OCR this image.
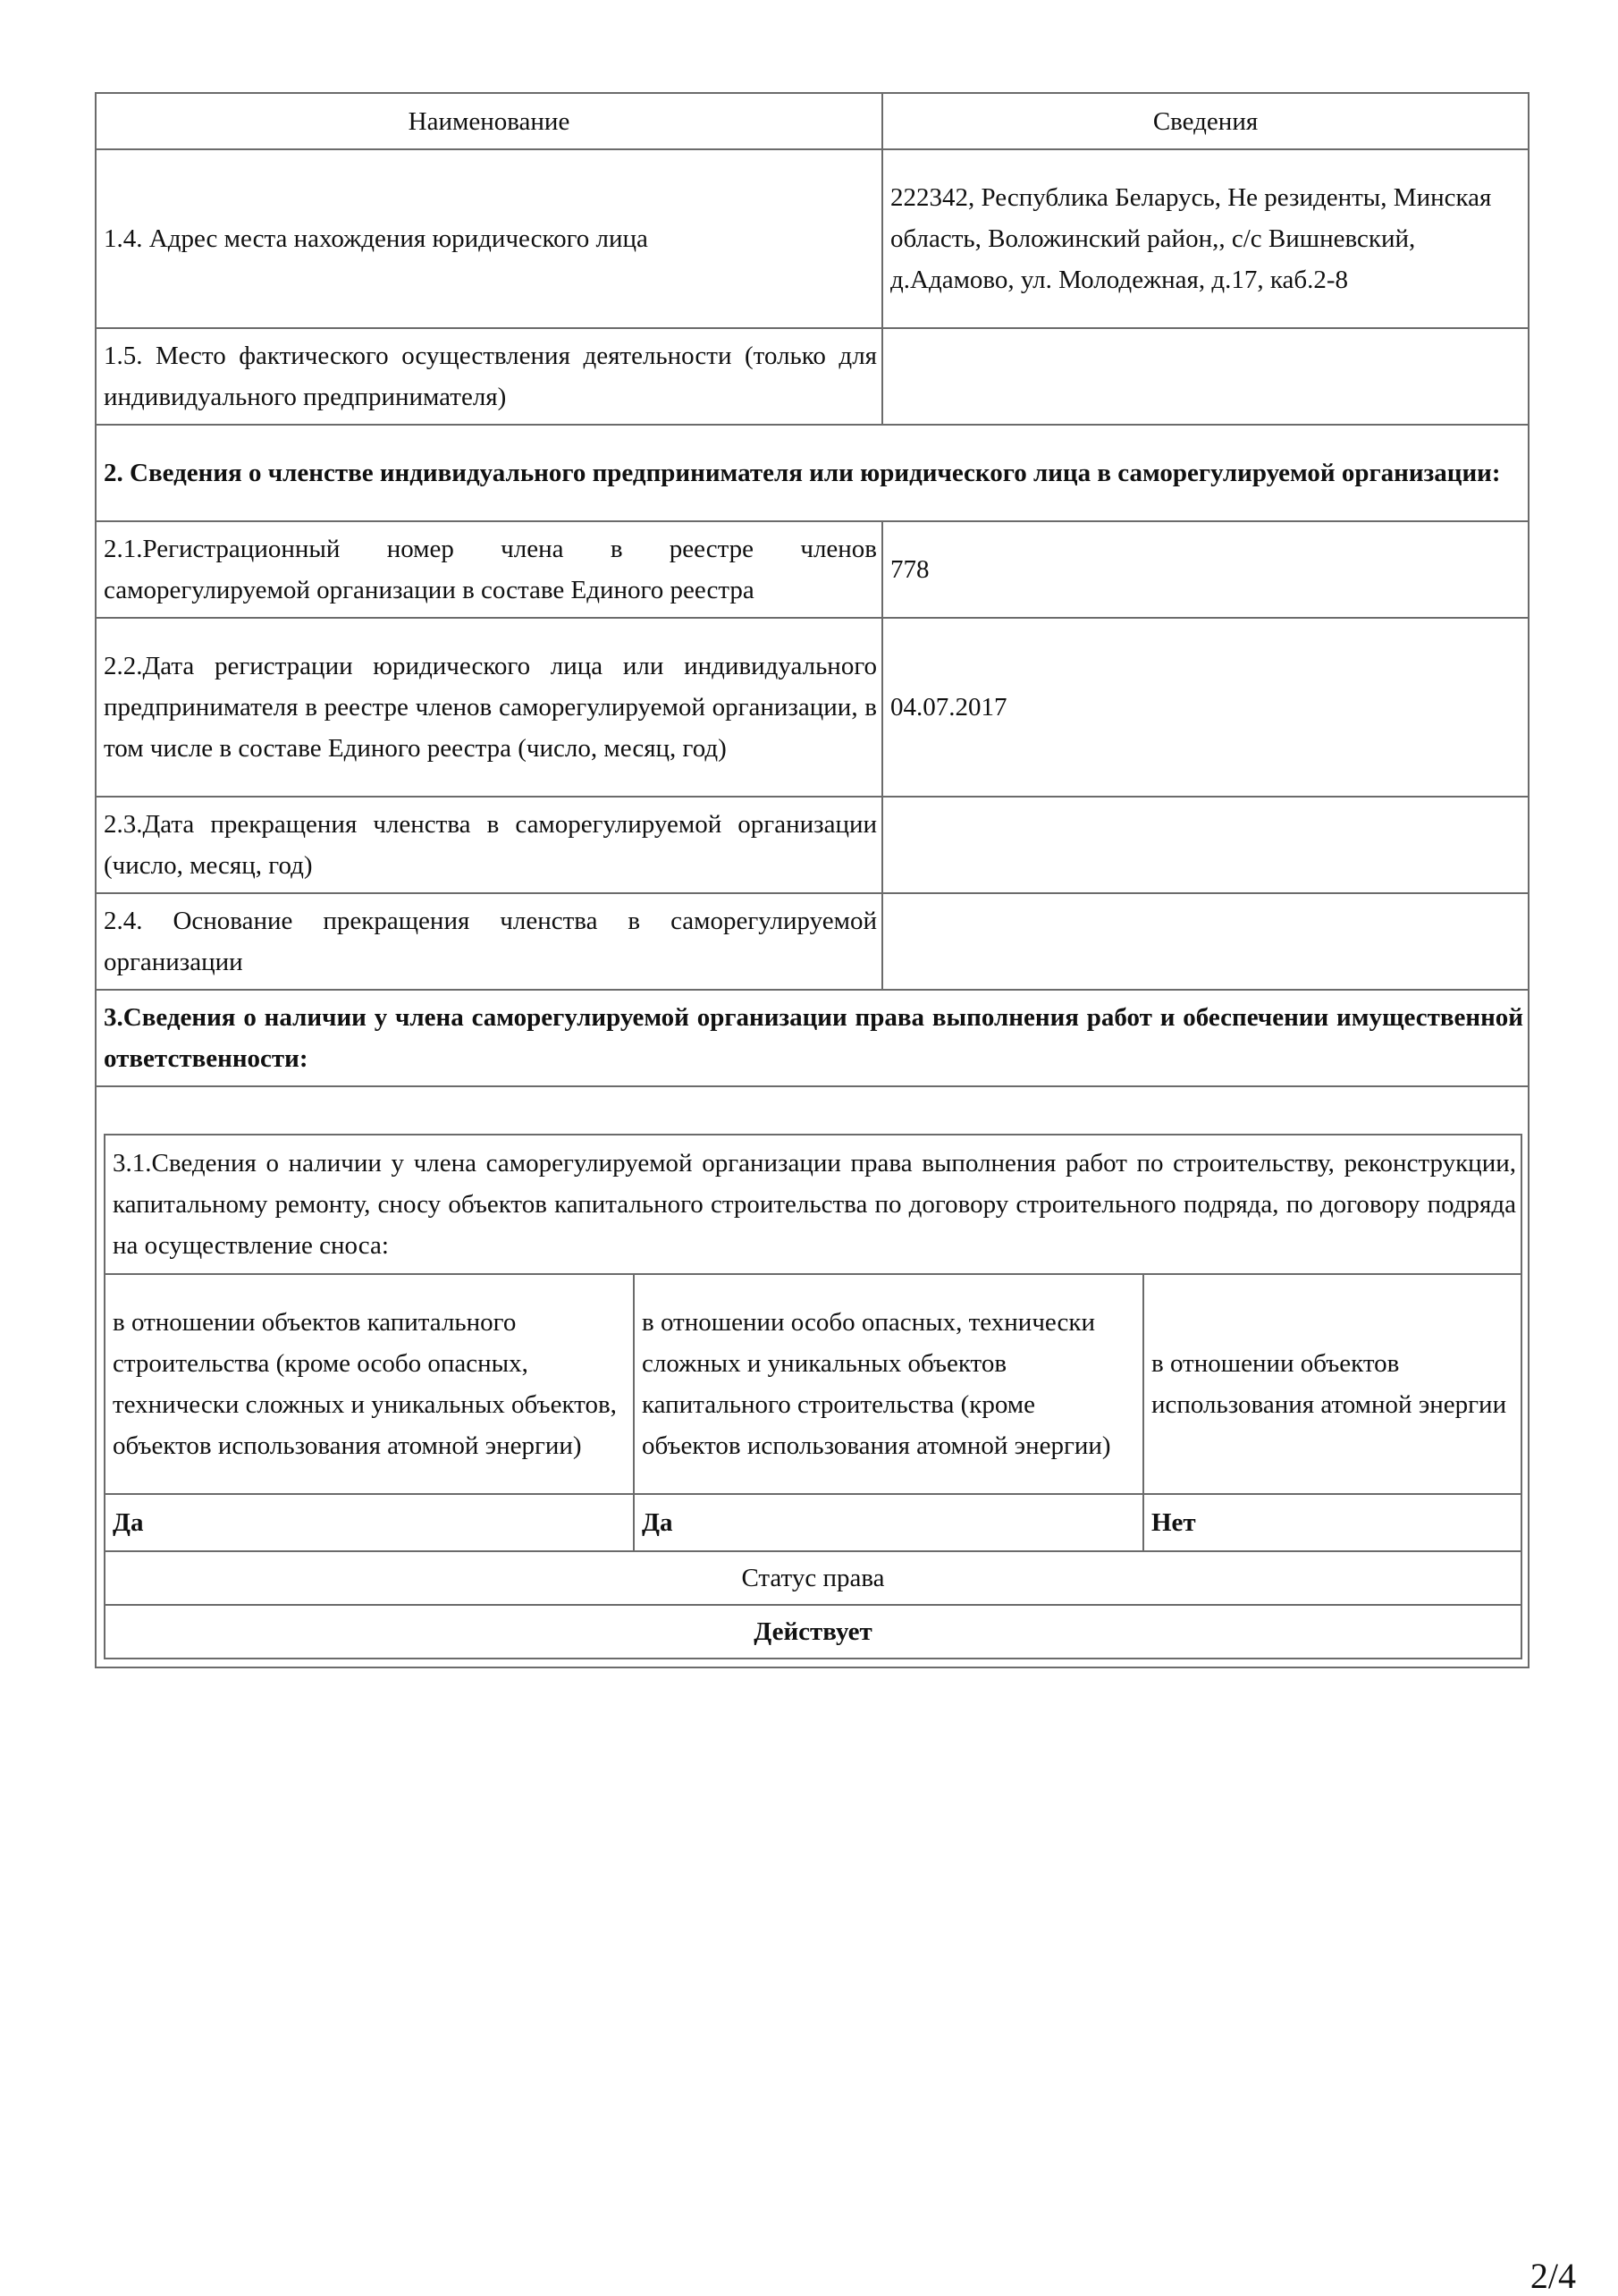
Наименование	Сведения
1.4. Адрес места нахождения юридического лица	222342, Республика Беларусь, Не резиденты, Минская область, Воложинский район,, с/с Вишневский, д.Адамово, ул. Молодежная, д.17, каб.2-8
1.5. Место фактического осуществления деятельности (только для индивидуального предпринимателя)	
2. Сведения о членстве индивидуального предпринимателя или юридического лица в саморегулируемой организации:
2.1.Регистрационный номер члена в реестре членов саморегулируемой организации в составе Единого реестра	778
2.2.Дата регистрации юридического лица или индивидуального предпринимателя в реестре членов саморегулируемой организации, в том числе в составе Единого реестра (число, месяц, год)	04.07.2017
2.3.Дата прекращения членства в саморегулируемой организации (число, месяц, год)	
2.4. Основание прекращения членства в саморегулируемой организации	
3.Сведения о наличии у члена саморегулируемой организации права выполнения работ и обеспечении имущественной ответственности:

3.1.Сведения о наличии у члена саморегулируемой организации права выполнения работ по строительству, реконструкции, капитальному ремонту, сносу объектов капитального строительства по договору строительного подряда, по договору подряда на осуществление сноса:
в отношении объектов капитального строительства (кроме особо опасных, технически сложных и уникальных объектов, объектов использования атомной энергии)	в отношении особо опасных, технически сложных и уникальных объектов капитального строительства (кроме объектов использования атомной энергии)	в отношении объектов использования атомной энергии
Да	Да	Нет
Статус права
Действует
2/4
